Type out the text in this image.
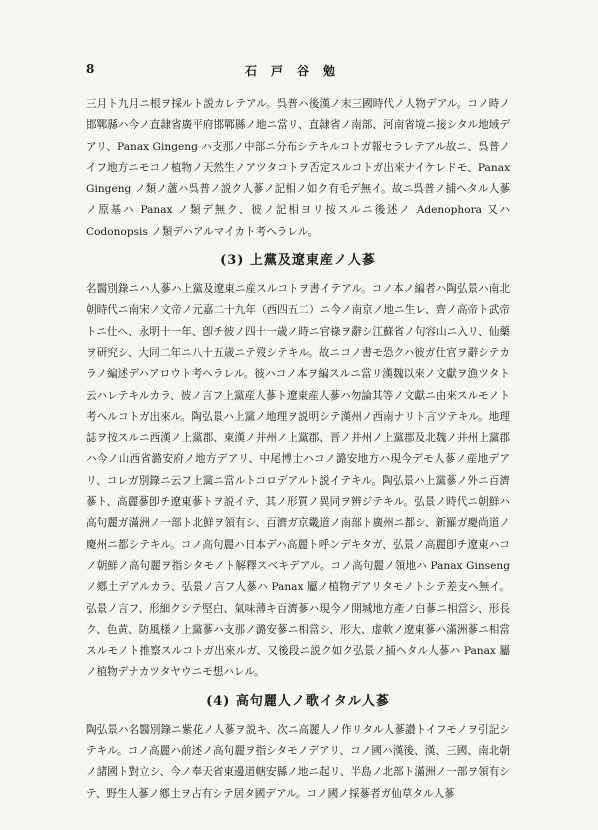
8	石戸谷勉

三月ト九月ニ根ヲ採ルト説カレテアル。呉普ハ後漢ノ末三國時代ノ人物デアル。コノ時ノ邯鄲縣ハ今ノ直隷省廣平府邯鄲縣ノ地ニ當リ、直隷省ノ南部、河南省境ニ接シタル地域デアリ、Panax Gingeng ハ支那ノ中部ニ分布シテキルコトガ報セラレテアル故ニ、呉普ノイフ地方ニモコノ植物ノ天然生ノアツタコトヲ否定スルコトガ出來ナイケレドモ、Panax Gingeng ノ類ノ蘆ハ呉普ノ説ク人蔘ノ記相ノ如ク有毛デ無イ。故ニ呉普ノ捕ヘタル人蔘ノ原基ハ Panax ノ類デ無ク、彼ノ記相ヨリ按スルニ後述ノ Adenophora 又ハ Codonopsis ノ類デハアルマイカト考ヘラレル。

(3) 上黨及遼東産ノ人蔘

名醫別錄ニハ人蔘ハ上黨及遼東ニ産スルコトヲ書イテアル。コノ本ノ編者ハ陶弘景ハ南北朝時代ニ南宋ノ文帝ノ元嘉二十九年（西四五二）ニ今ノ南京ノ地ニ生レ、齊ノ高帝ト武帝トニ仕ヘ、永明十一年、卽チ彼ノ四十一歳ノ時ニ官祿ヲ辭シ江蘇省ノ句容山ニ入リ、仙藥ヲ研究シ、大同二年ニ八十五歳ニテ歿シテキル。故ニコノ書モ恐クハ彼ガ仕官ヲ辭シテカラノ編述デハアロウト考ヘラレル。彼ハコノ本ヲ編スルニ當リ漢魏以來ノ文獻ヲ漁ツタト云ハレテキルカラ、彼ノ言フ上黨産人蔘ト遼東産人蔘ハ勿論其等ノ文獻ニ由來スルモノト考ヘルコトガ出來ル。陶弘景ハ上黨ノ地理ヲ説明シテ漢州ノ西南ナリト言ツテキル。地理誌ヲ按スルニ西漢ノ上黨郡、東漢ノ并州ノ上黨郡、晋ノ并州ノ上黨郡及北魏ノ并州上黨郡ハ今ノ山西省潞安府ノ地方デアリ、中尾博士ハコノ潞安地方ハ現今デモ人蔘ノ産地デアリ、コレガ別錄ニ云フ上黨ニ當ルトコロデアルト説イテキル。陶弘景ハ上黨蔘ノ外ニ百濟蔘ト、高麗蔘卽チ遼東蔘トヲ説イテ、其ノ形質ノ異同ヲ辨ジテキル。弘景ノ時代ニ朝鮮ハ高句麗ガ滿洲ノ一部ト北鮮ヲ領有シ、百濟ガ京畿道ノ南部ト廣州ニ都シ、新羅ガ慶尚道ノ慶州ニ都シテキル。コノ高句麗ハ日本デハ高麗ト呼ンデキタガ、弘景ノ高麗卽チ遼東ハコノ朝鮮ノ高句麗ヲ指シタモノト解釋スベキデアル。コノ高句麗ノ領地ハ Panax Ginseng ノ鄕土デアルカラ、弘景ノ言フ人蔘ハ Panax 屬ノ植物デアリタモノトシテ差支ヘ無イ。弘景ノ言フ、形細クシテ堅白、氣味薄キ百濟蔘ハ現今ノ開城地方產ノ白蔘ニ相當シ、形長ク、色黄、防風様ノ上黨蔘ハ支那ノ潞安蔘ニ相當シ、形大、虚軟ノ遼東蔘ハ滿洲蔘ニ相當スルモノト推察スルコトガ出來ルガ、又後段ニ説ク如ク弘景ノ捕ヘタル人蔘ハ Panax 屬ノ植物デナカツタヤウニモ想ハレル。

(4) 高句麗人ノ歌イタル人蔘

陶弘景ハ名醫別錄ニ紫花ノ人蔘ヲ説キ、次ニ高麗人ノ作リタル人蔘讃トイフモノヲ引記シテキル。コノ高麗ハ前述ノ高句麗ヲ指シタモノデアリ、コノ國ハ漢後、漢、三國、南北朝ノ諸國ト對立シ、今ノ奉天省東邊道轄安縣ノ地ニ起リ、半島ノ北部ト滿洲ノ一部ヲ領有シテ、野生人蔘ノ鄕土ヲ占有シテ居タ國デアル。コノ國ノ採蔘者ガ仙草タル人蔘
